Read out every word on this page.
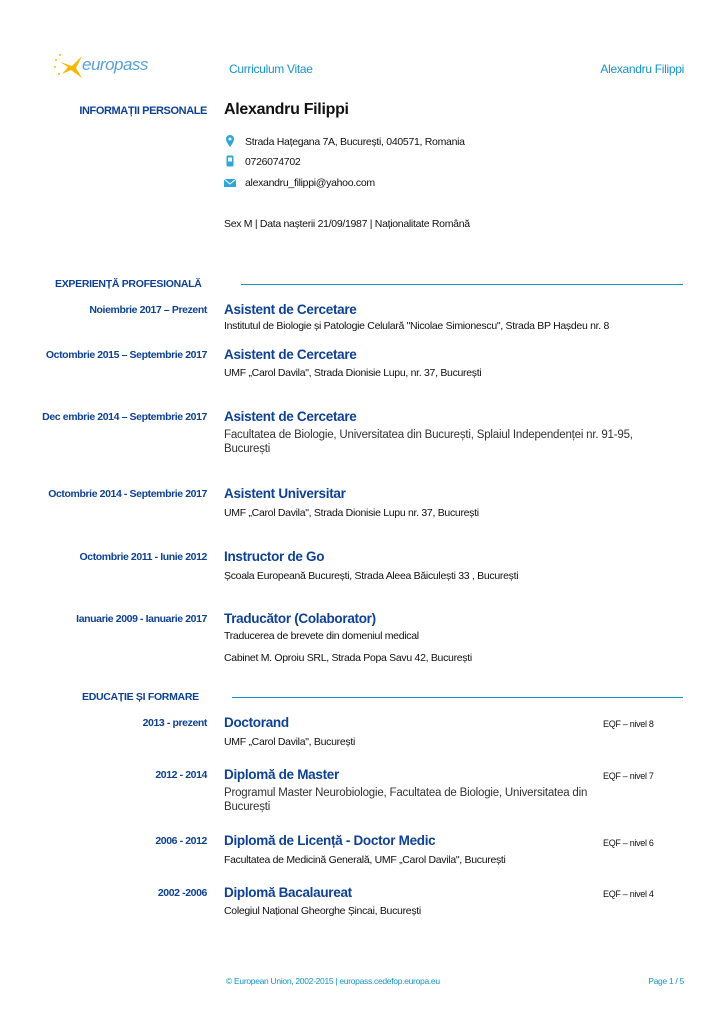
europass	Curriculum Vitae	Alexandru Filippi
INFORMAȚII PERSONALE Alexandru Filippi
Strada Hațegana 7A, București, 040571, Romania
0726074702
alexandru_filippi@yahoo.com
Sex M | Data nașterii 21/09/1987 | Naționalitate Română
EXPERIENȚĂ PROFESIONALĂ
Noiembrie 2017 – Prezent Asistent de Cercetare
Institutul de Biologie și Patologie Celulară "Nicolae Simionescu", Strada BP Hașdeu nr. 8
Octombrie 2015 – Septembrie 2017 Asistent de Cercetare
UMF „Carol Davila", Strada Dionisie Lupu, nr. 37, București
Dec embrie 2014 – Septembrie 2017 Asistent de Cercetare
Facultatea de Biologie, Universitatea din București, Splaiul Independenței nr. 91-95, București
Octombrie 2014 - Septembrie 2017 Asistent Universitar
UMF „Carol Davila", Strada Dionisie Lupu nr. 37, București
Octombrie 2011 - Iunie 2012 Instructor de Go
Școala Europeană București, Strada Aleea Băiculești 33 , București
Ianuarie 2009 - Ianuarie 2017 Traducător (Colaborator)
Traducerea de brevete din domeniul medical
Cabinet M. Oproiu SRL, Strada Popa Savu 42, București
EDUCAȚIE ȘI FORMARE
2013 - prezent Doctorand	EQF – nivel 8
UMF „Carol Davila", București
2012 - 2014 Diplomă de Master	EQF – nivel 7
Programul Master Neurobiologie, Facultatea de Biologie, Universitatea din București
2006 - 2012 Diplomă de Licență - Doctor Medic	EQF – nivel 6
Facultatea de Medicină Generală, UMF „Carol Davila", București
2002 -2006 Diplomă Bacalaureat	EQF – nivel 4
Colegiul Național Gheorghe Șincai, București
© European Union, 2002-2015 | europass.cedefop.europa.eu	Page 1 / 5
